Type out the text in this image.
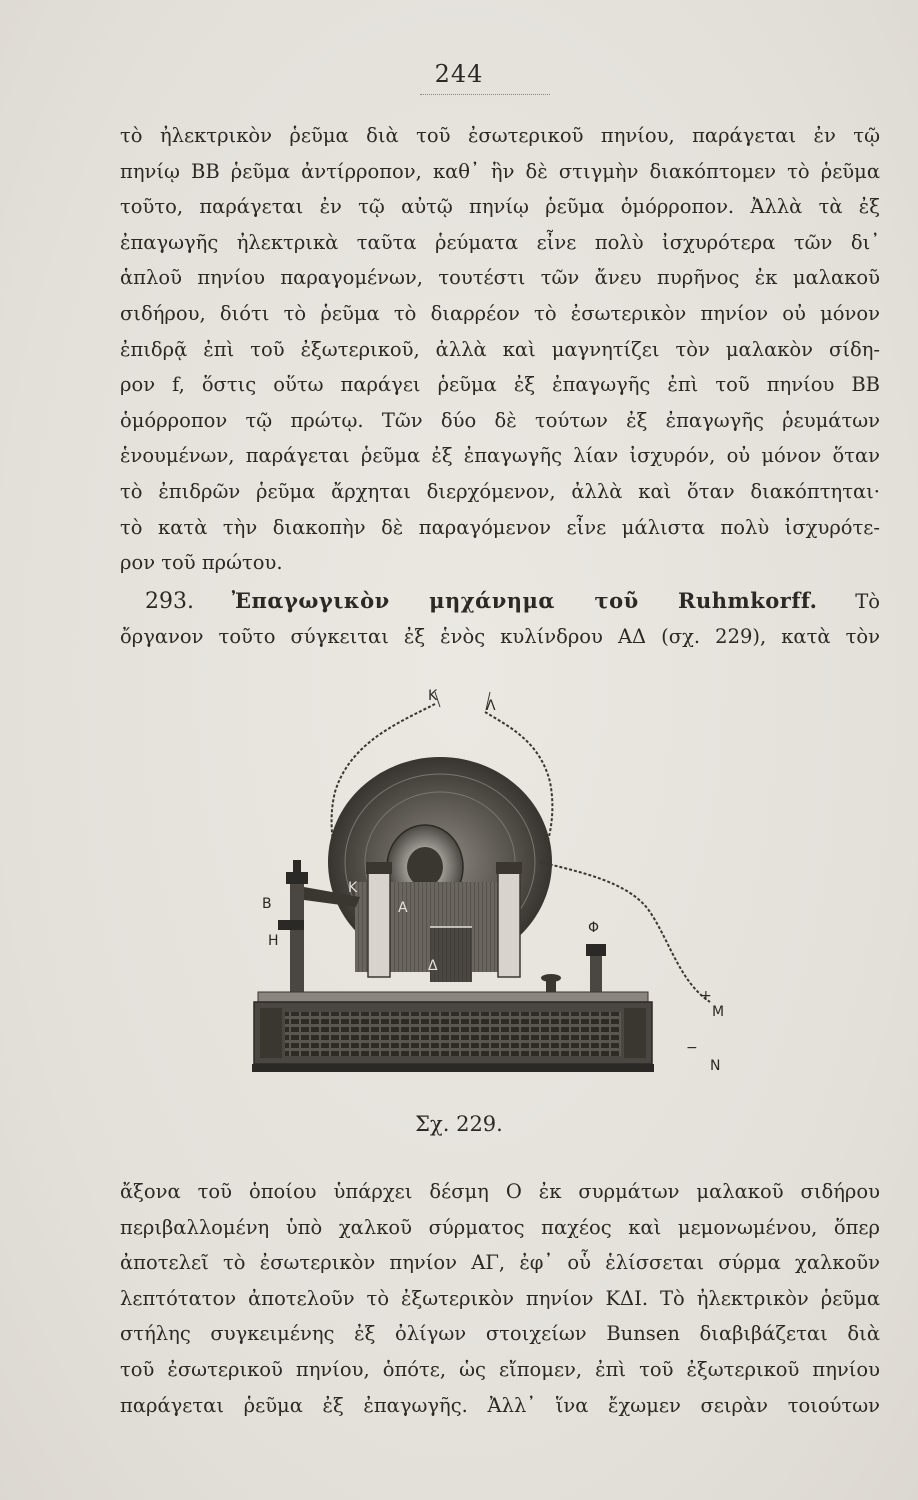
244
τὸ ἠλεκτρικὸν ῥεῦμα διὰ τοῦ ἐσωτερικοῦ πηνίου, παράγεται ἐν τῷ
πηνίῳ ΒΒ ῥεῦμα ἀντίρροπον, καθ᾽ ἣν δὲ στιγμὴν διακόπτομεν τὸ ῥεῦμα
τοῦτο, παράγεται ἐν τῷ αὐτῷ πηνίῳ ῥεῦμα ὁμόρροπον. Ἀλλὰ τὰ ἐξ
ἐπαγωγῆς ἠλεκτρικὰ ταῦτα ῥεύματα εἶνε πολὺ ἰσχυρότερα τῶν δι᾽
ἁπλοῦ πηνίου παραγομένων, τουτέστι τῶν ἄνευ πυρῆνος ἐκ μαλακοῦ
σιδήρου, διότι τὸ ῥεῦμα τὸ διαρρέον τὸ ἐσωτερικὸν πηνίον οὐ μόνον
ἐπιδρᾷ ἐπὶ τοῦ ἐξωτερικοῦ, ἀλλὰ καὶ μαγνητίζει τὸν μαλακὸν σίδη-
ρον f, ὅστις οὕτω παράγει ῥεῦμα ἐξ ἐπαγωγῆς ἐπὶ τοῦ πηνίου ΒΒ
ὁμόρροπον τῷ πρώτῳ. Τῶν δύο δὲ τούτων ἐξ ἐπαγωγῆς ῥευμάτων
ἑνουμένων, παράγεται ῥεῦμα ἐξ ἐπαγωγῆς λίαν ἰσχυρόν, οὐ μόνον ὅταν
τὸ ἐπιδρῶν ῥεῦμα ἄρχηται διερχόμενον, ἀλλὰ καὶ ὅταν διακόπτηται·
τὸ κατὰ τὴν διακοπὴν δὲ παραγόμενον εἶνε μάλιστα πολὺ ἰσχυρότε-
ρον τοῦ πρώτου.
293. Ἐπαγωγικὸν μηχάνημα τοῦ Ruhmkorff. Τὸ
ὄργανον τοῦτο σύγκειται ἐξ ἑνὸς κυλίνδρου ΑΔ (σχ. 229), κατὰ τὸν
Κ
Λ
Β
Η
Κ
Α
Δ
Φ
+
M
−
N
Σχ. 229.
ἄξονα τοῦ ὁποίου ὑπάρχει δέσμη Ο ἐκ συρμάτων μαλακοῦ σιδήρου
περιβαλλομένη ὑπὸ χαλκοῦ σύρματος παχέος καὶ μεμονωμένου, ὅπερ
ἀποτελεῖ τὸ ἐσωτερικὸν πηνίον ΑΓ, ἐφ᾽ οὗ ἑλίσσεται σύρμα χαλκοῦν
λεπτότατον ἀποτελοῦν τὸ ἐξωτερικὸν πηνίον ΚΔΙ. Τὸ ἠλεκτρικὸν ῥεῦμα
στήλης συγκειμένης ἐξ ὀλίγων στοιχείων Bunsen διαβιβάζεται διὰ
τοῦ ἐσωτερικοῦ πηνίου, ὁπότε, ὡς εἴπομεν, ἐπὶ τοῦ ἐξωτερικοῦ πηνίου
παράγεται ῥεῦμα ἐξ ἐπαγωγῆς. Ἀλλ᾽ ἵνα ἔχωμεν σειρὰν τοιούτων
